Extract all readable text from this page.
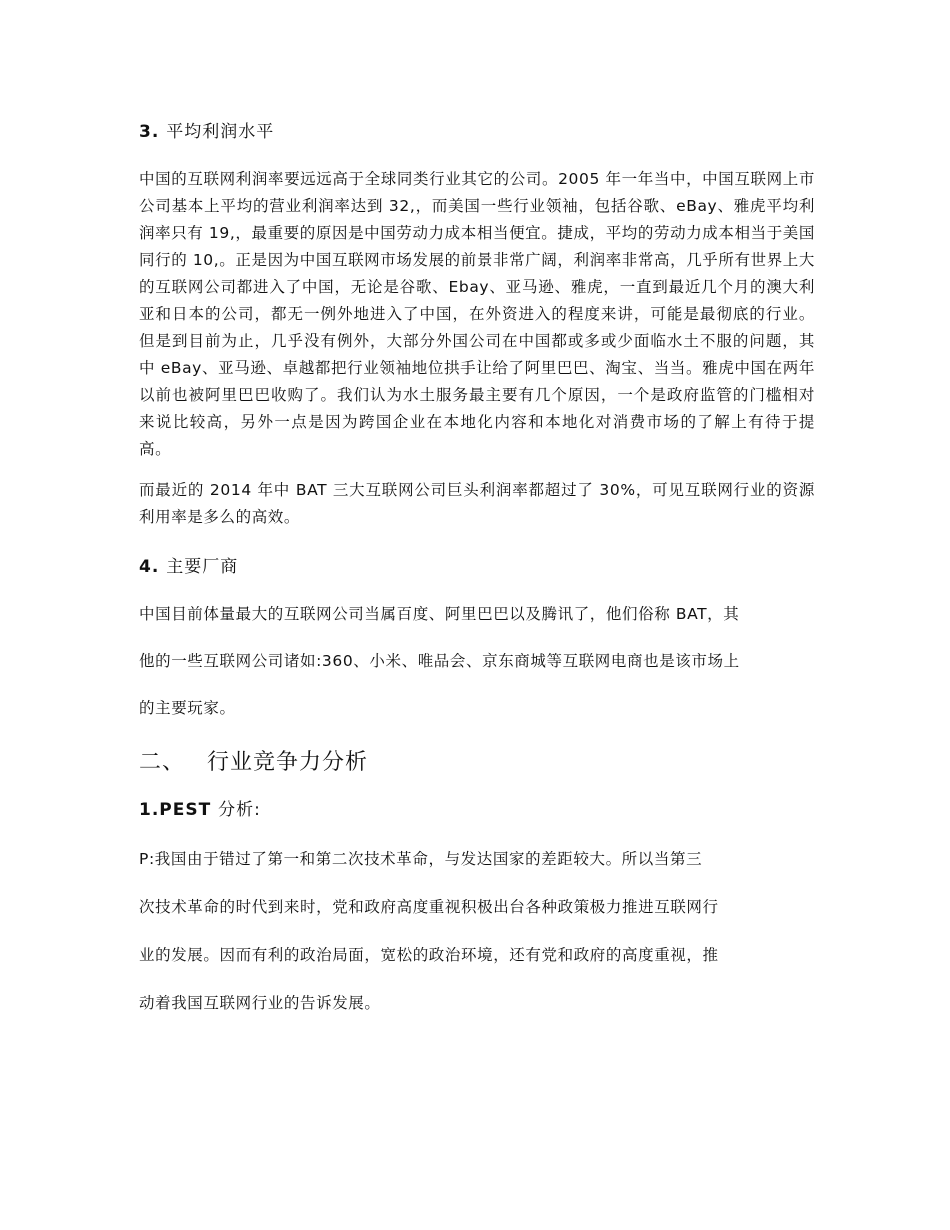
3. 平均利润水平

中国的互联网利润率要远远高于全球同类行业其它的公司。2005 年一年当中，中国互联网上市公司基本上平均的营业利润率达到 32,，而美国一些行业领袖，包括谷歌、eBay、雅虎平均利润率只有 19,，最重要的原因是中国劳动力成本相当便宜。捷成，平均的劳动力成本相当于美国同行的 10,。正是因为中国互联网市场发展的前景非常广阔，利润率非常高，几乎所有世界上大的互联网公司都进入了中国，无论是谷歌、Ebay、亚马逊、雅虎，一直到最近几个月的澳大利亚和日本的公司，都无一例外地进入了中国，在外资进入的程度来讲，可能是最彻底的行业。但是到目前为止，几乎没有例外，大部分外国公司在中国都或多或少面临水土不服的问题，其中 eBay、亚马逊、卓越都把行业领袖地位拱手让给了阿里巴巴、淘宝、当当。雅虎中国在两年以前也被阿里巴巴收购了。我们认为水土服务最主要有几个原因，一个是政府监管的门槛相对来说比较高，另外一点是因为跨国企业在本地化内容和本地化对消费市场的了解上有待于提高。

而最近的 2014 年中 BAT 三大互联网公司巨头利润率都超过了 30%，可见互联网行业的资源利用率是多么的高效。

4. 主要厂商
中国目前体量最大的互联网公司当属百度、阿里巴巴以及腾讯了，他们俗称 BAT，其
他的一些互联网公司诸如:360、小米、唯品会、京东商城等互联网电商也是该市场上
的主要玩家。
二、 行业竞争力分析
1.PEST 分析:
P:我国由于错过了第一和第二次技术革命，与发达国家的差距较大。所以当第三
次技术革命的时代到来时，党和政府高度重视积极出台各种政策极力推进互联网行
业的发展。因而有利的政治局面，宽松的政治环境，还有党和政府的高度重视，推
动着我国互联网行业的告诉发展。
